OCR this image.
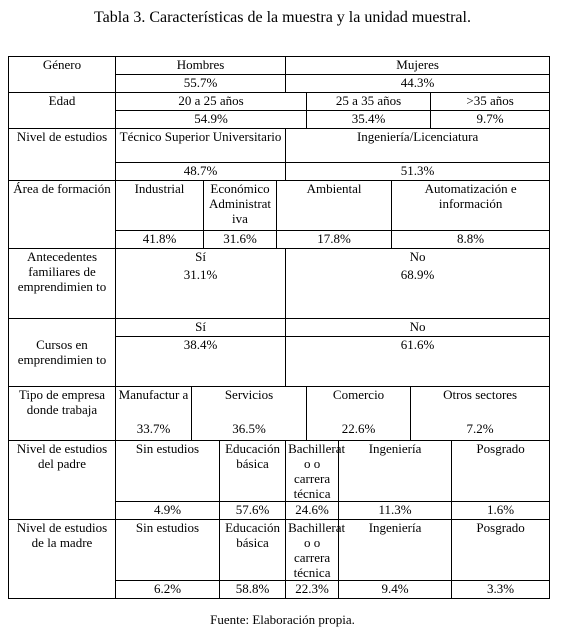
Tabla 3. Características de la muestra y la unidad muestral.
Género	Hombres					Mujeres						
	55.7%					44.3%						
Edad	20 a 25 años						25 a 35 años				>35 años	
	54.9%						35.4%				9.7%	
Nivel de estudios	Técnico Superior Universitario					Ingeniería/Licenciatura						
	48.7%					51.3%						
Área de formación	Industrial		Económico Administrat iva		Ambiental				Automatización e información			
	41.8%		31.6%		17.8%				8.8%			
Antecedentes familiares de emprendimien to	Sí					No						
	31.1%					68.9%						
	Sí					No						
Cursos en emprendimien to	38.4%					61.6%						
Tipo de empresa donde trabaja	Manufactur a	Servicios					Comercio			Otros sectores		
	33.7%	36.5%					22.6%			7.2%		
Nivel de estudios del padre	Sin estudios			Educación básica		Bachillerat o o carrera técnica		Ingeniería				Posgrado
	4.9%			57.6%		24.6%		11.3%				1.6%
Nivel de estudios de la madre	Sin estudios			Educación básica		Bachillerat o o carrera técnica		Ingeniería				Posgrado
	6.2%			58.8%		22.3%		9.4%				3.3%
Fuente: Elaboración propia.
